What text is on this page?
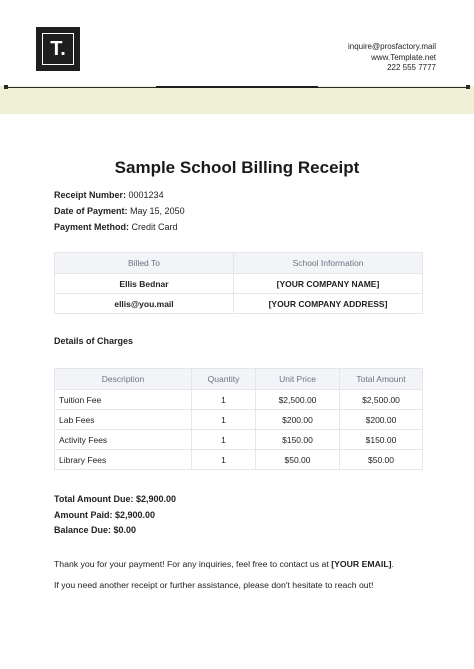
T.	inquire@prosfactory.mail
www.Template.net
222 555 7777
Sample School Billing Receipt
Receipt Number: 0001234
Date of Payment: May 15, 2050
Payment Method: Credit Card
Billed To	School Information
Ellis Bednar	[YOUR COMPANY NAME]
ellis@you.mail	[YOUR COMPANY ADDRESS]
Details of Charges
Description	Quantity	Unit Price	Total Amount
Tuition Fee	1	$2,500.00	$2,500.00
Lab Fees	1	$200.00	$200.00
Activity Fees	1	$150.00	$150.00
Library Fees	1	$50.00	$50.00
Total Amount Due: $2,900.00
Amount Paid: $2,900.00
Balance Due: $0.00
Thank you for your payment! For any inquiries, feel free to contact us at [YOUR EMAIL].
If you need another receipt or further assistance, please don't hesitate to reach out!
